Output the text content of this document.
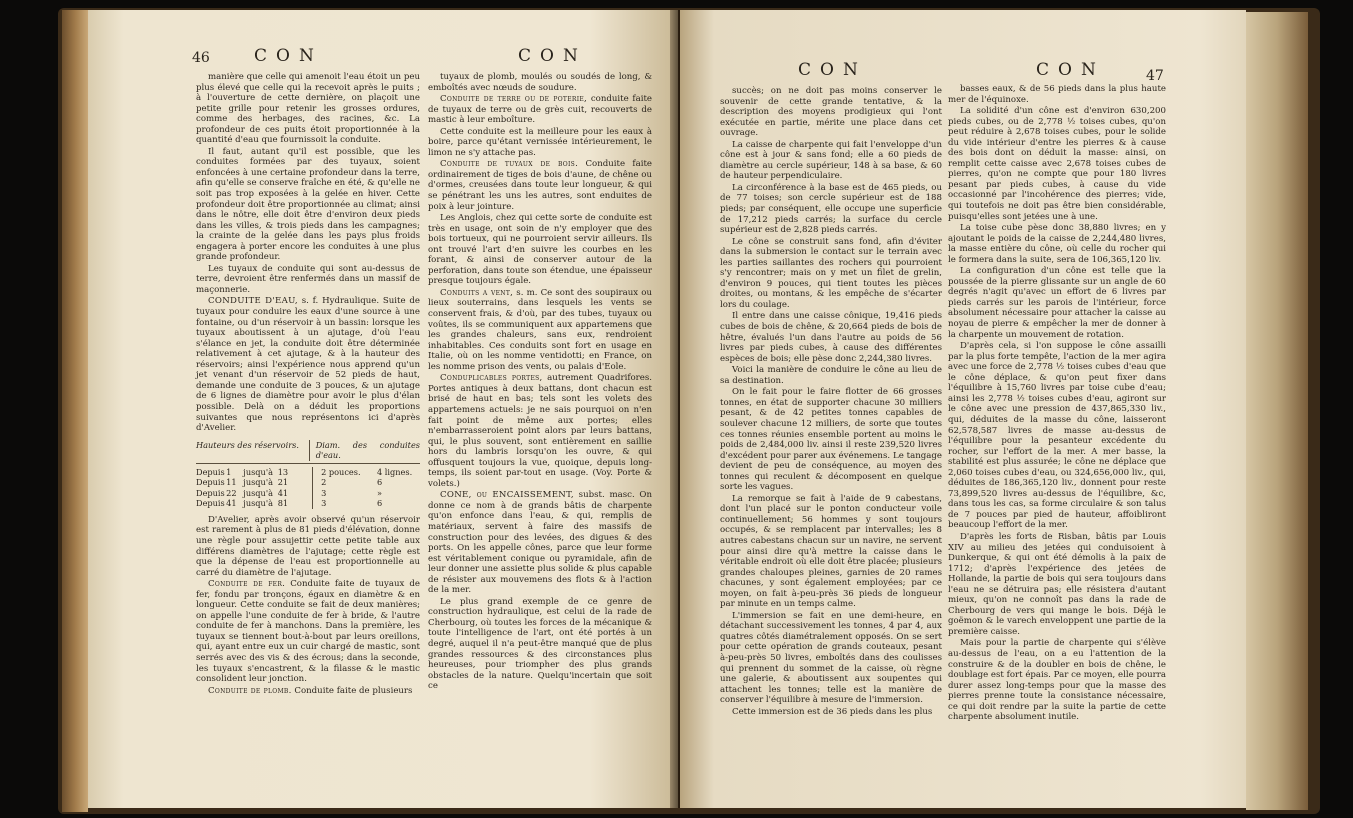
46	CON	CON

manière que celle qui amenoit l'eau étoit un peu plus élevé que celle qui la recevoit après le puits ; à l'ouverture de cette dernière, on plaçoit une petite grille pour retenir les grosses ordures, comme des herbages, des racines, &c. La profondeur de ces puits étoit proportionnée à la quantité d'eau que fournissoit la conduite.

Il faut, autant qu'il est possible, que les conduites formées par des tuyaux, soient enfoncées à une certaine profondeur dans la terre, afin qu'elle se conserve fraîche en été, & qu'elle ne soit pas trop exposées à la gelée en hiver. Cette profondeur doit être proportionnée au climat; ainsi dans le nôtre, elle doit être d'environ deux pieds dans les villes, & trois pieds dans les campagnes; la crainte de la gelée dans les pays plus froids engagera à porter encore les conduites à une plus grande profondeur.

Les tuyaux de conduite qui sont au-dessus de terre, devroient être renfermés dans un massif de maçonnerie.

CONDUITE D'EAU, s. f. Hydraulique. Suite de tuyaux pour conduire les eaux d'une source à une fontaine, ou d'un réservoir à un bassin: lorsque les tuyaux aboutissent à un ajutage, d'où l'eau s'élance en jet, la conduite doit être déterminée relativement à cet ajutage, & à la hauteur des réservoirs; ainsi l'expérience nous apprend qu'un jet venant d'un réservoir de 52 pieds de haut, demande une conduite de 3 pouces, & un ajutage de 6 lignes de diamètre pour avoir le plus d'élan possible. Delà on a déduit les proportions suivantes que nous représentons ici d'après d'Avelier.

Hauteurs des réservoirs.	Diam. des conduites d'eau.
Depuis 1	jusqu'à 13	2 pouces.	4 lignes.
Depuis 11 jusqu'à 21	2	6
Depuis 22 jusqu'à 41	3	»
Depuis 41 jusqu'à 81	3	6

D'Avelier, après avoir observé qu'un réservoir est rarement à plus de 81 pieds d'élévation, donne une règle pour assujettir cette petite table aux différens diamètres de l'ajutage; cette règle est que la dépense de l'eau est proportionnelle au carré du diamètre de l'ajutage.

Conduite de fer. Conduite faite de tuyaux de fer, fondu par tronçons, égaux en diamètre & en longueur. Cette conduite se fait de deux manières; on appelle l'une conduite de fer à bride, & l'autre conduite de fer à manchons. Dans la première, les tuyaux se tiennent bout-à-bout par leurs oreillons, qui, ayant entre eux un cuir chargé de mastic, sont serrés avec des vis & des écrous; dans la seconde, les tuyaux s'encastrent, & la filasse & le mastic consolident leur jonction.

Conduite de plomb. Conduite faite de plusieurs

tuyaux de plomb, moulés ou soudés de long, & emboîtés avec nœuds de soudure.

Conduite de terre ou de poterie, conduite faite de tuyaux de terre ou de grès cuit, recouverts de mastic à leur emboîture.

Cette conduite est la meilleure pour les eaux à boire, parce qu'étant vernissée intérieurement, le limon ne s'y attache pas.

Conduite de tuyaux de bois. Conduite faite ordinairement de tiges de bois d'aune, de chêne ou d'ormes, creusées dans toute leur longueur, & qui se pénétrant les uns les autres, sont enduites de poix à leur jointure.

Les Anglois, chez qui cette sorte de conduite est très en usage, ont soin de n'y employer que des bois tortueux, qui ne pourroient servir ailleurs. Ils ont trouvé l'art d'en suivre les courbes en les forant, & ainsi de conserver autour de la perforation, dans toute son étendue, une épaisseur presque toujours égale.

Conduits a vent, s. m. Ce sont des soupiraux ou lieux souterrains, dans lesquels les vents se conservent frais, & d'où, par des tubes, tuyaux ou voûtes, ils se communiquent aux appartemens que les grandes chaleurs, sans eux, rendroient inhabitables. Ces conduits sont fort en usage en Italie, où on les nomme ventidotti; en France, on les nomme prison des vents, ou palais d'Eole.

Conduplicables portes, autrement Quadrifores. Portes antiques à deux battans, dont chacun est brisé de haut en bas; tels sont les volets des appartemens actuels: je ne sais pourquoi on n'en fait point de même aux portes; elles n'embarrasseroient point alors par leurs battans, qui, le plus souvent, sont entièrement en saillie hors du lambris lorsqu'on les ouvre, & qui offusquent toujours la vue, quoique, depuis long-temps, ils soient par-tout en usage. (Voy. Porte & volets.)

CONE, ou ENCAISSEMENT, subst. masc. On donne ce nom à de grands bâtis de charpente qu'on enfonce dans l'eau, & qui, remplis de matériaux, servent à faire des massifs de construction pour des levées, des digues & des ports. On les appelle cônes, parce que leur forme est véritablement conique ou pyramidale, afin de leur donner une assiette plus solide & plus capable de résister aux mouvemens des flots & à l'action de la mer.

Le plus grand exemple de ce genre de construction hydraulique, est celui de la rade de Cherbourg, où toutes les forces de la mécanique & toute l'intelligence de l'art, ont été portés à un degré, auquel il n'a peut-être manqué que de plus grandes ressources & des circonstances plus heureuses, pour triompher des plus grands obstacles de la nature. Quelqu'incertain que soit ce

CON	CON	47

succès; on ne doit pas moins conserver le souvenir de cette grande tentative, & la description des moyens prodigieux qui l'ont exécutée en partie, mérite une place dans cet ouvrage.

La caisse de charpente qui fait l'enveloppe d'un cône est à jour & sans fond; elle a 60 pieds de diamètre au cercle supérieur, 148 à sa base, & 60 de hauteur perpendiculaire.

La circonférence à la base est de 465 pieds, ou de 77 toises; son cercle supérieur est de 188 pieds; par conséquent, elle occupe une superficie de 17,212 pieds carrés; la surface du cercle supérieur est de 2,828 pieds carrés.

Le cône se construit sans fond, afin d'éviter dans la submersion le contact sur le terrain avec les parties saillantes des rochers qui pourroient s'y rencontrer; mais on y met un filet de grelin, d'environ 9 pouces, qui tient toutes les pièces droites, ou montans, & les empêche de s'écarter lors du coulage.

Il entre dans une caisse cônique, 19,416 pieds cubes de bois de chêne, & 20,664 pieds de bois de hêtre, évalués l'un dans l'autre au poids de 56 livres par pieds cubes, à cause des différentes espèces de bois; elle pèse donc 2,244,380 livres.

Voici la manière de conduire le cône au lieu de sa destination.

On le fait pour le faire flotter de 66 grosses tonnes, en état de supporter chacune 30 milliers pesant, & de 42 petites tonnes capables de soulever chacune 12 milliers, de sorte que toutes ces tonnes réunies ensemble portent au moins le poids de 2,484,000 liv. ainsi il reste 239,520 livres d'excédent pour parer aux événemens. Le tangage devient de peu de conséquence, au moyen des tonnes qui reculent & décomposent en quelque sorte les vagues.

La remorque se fait à l'aide de 9 cabestans, dont l'un placé sur le ponton conducteur voile continuellement; 56 hommes y sont toujours occupés, & se remplacent par intervalles; les 8 autres cabestans chacun sur un navire, ne servent pour ainsi dire qu'à mettre la caisse dans le véritable endroit où elle doit être placée; plusieurs grandes chaloupes pleines, garnies de 20 rames chacunes, y sont également employées; par ce moyen, on fait à-peu-près 36 pieds de longueur par minute en un temps calme.

L'immersion se fait en une demi-heure, en détachant successivement les tonnes, 4 par 4, aux quatres côtés diamétralement opposés. On se sert pour cette opération de grands couteaux, pesant à-peu-près 50 livres, emboîtés dans des coulisses qui prennent du sommet de la caisse, où règne une galerie, & aboutissent aux soupentes qui attachent les tonnes; telle est la manière de conserver l'équilibre à mesure de l'immersion.

Cette immersion est de 36 pieds dans les plus

basses eaux, & de 56 pieds dans la plus haute mer de l'équinoxe.

La solidité d'un cône est d'environ 630,200 pieds cubes, ou de 2,778 ½ toises cubes, qu'on peut réduire à 2,678 toises cubes, pour le solide du vide intérieur d'entre les pierres & à cause des bois dont on déduit la masse: ainsi, on remplit cette caisse avec 2,678 toises cubes de pierres, qu'on ne compte que pour 180 livres pesant par pieds cubes, à cause du vide occasionné par l'incohérence des pierres; vide, qui toutefois ne doit pas être bien considérable, puisqu'elles sont jetées une à une.

La toise cube pèse donc 38,880 livres; en y ajoutant le poids de la caisse de 2,244,480 livres, la masse entière du cône, où celle du rocher qui le formera dans la suite, sera de 106,365,120 liv.

La configuration d'un cône est telle que la poussée de la pierre glissante sur un angle de 60 degrés n'agit qu'avec un effort de 6 livres par pieds carrés sur les parois de l'intérieur, force absolument nécessaire pour attacher la caisse au noyau de pierre & empêcher la mer de donner à la charpente un mouvement de rotation.

D'après cela, si l'on suppose le cône assailli par la plus forte tempête, l'action de la mer agira avec une force de 2,778 ½ toises cubes d'eau que le cône déplace, & qu'on peut fixer dans l'équilibre à 15,760 livres par toise cube d'eau; ainsi les 2,778 ½ toises cubes d'eau, agiront sur le cône avec une pression de 437,865,330 liv., qui, déduites de la masse du cône, laisseront 62,578,587 livres de masse au-dessus de l'équilibre pour la pesanteur excédente du rocher, sur l'effort de la mer. A mer basse, la stabilité est plus assurée; le cône ne déplace que 2,060 toises cubes d'eau, ou 324,656,000 liv., qui, déduites de 186,365,120 liv., donnent pour reste 73,899,520 livres au-dessus de l'équilibre, &c, dans tous les cas, sa forme circulaire & son talus de 7 pouces par pied de hauteur, affoibliront beaucoup l'effort de la mer.

D'après les forts de Risban, bâtis par Louis XIV au milieu des jetées qui conduisoient à Dunkerque, & qui ont été démolis à la paix de 1712; d'après l'expérience des jetées de Hollande, la partie de bois qui sera toujours dans l'eau ne se détruira pas; elle résistera d'autant mieux, qu'on ne connoît pas dans la rade de Cherbourg de vers qui mange le bois. Déjà le goëmon & le varech enveloppent une partie de la première caisse.

Mais pour la partie de charpente qui s'élève au-dessus de l'eau, on a eu l'attention de la construire & de la doubler en bois de chêne, le doublage est fort épais. Par ce moyen, elle pourra durer assez long-temps pour que la masse des pierres prenne toute la consistance nécessaire, ce qui doit rendre par la suite la partie de cette charpente absolument inutile.
